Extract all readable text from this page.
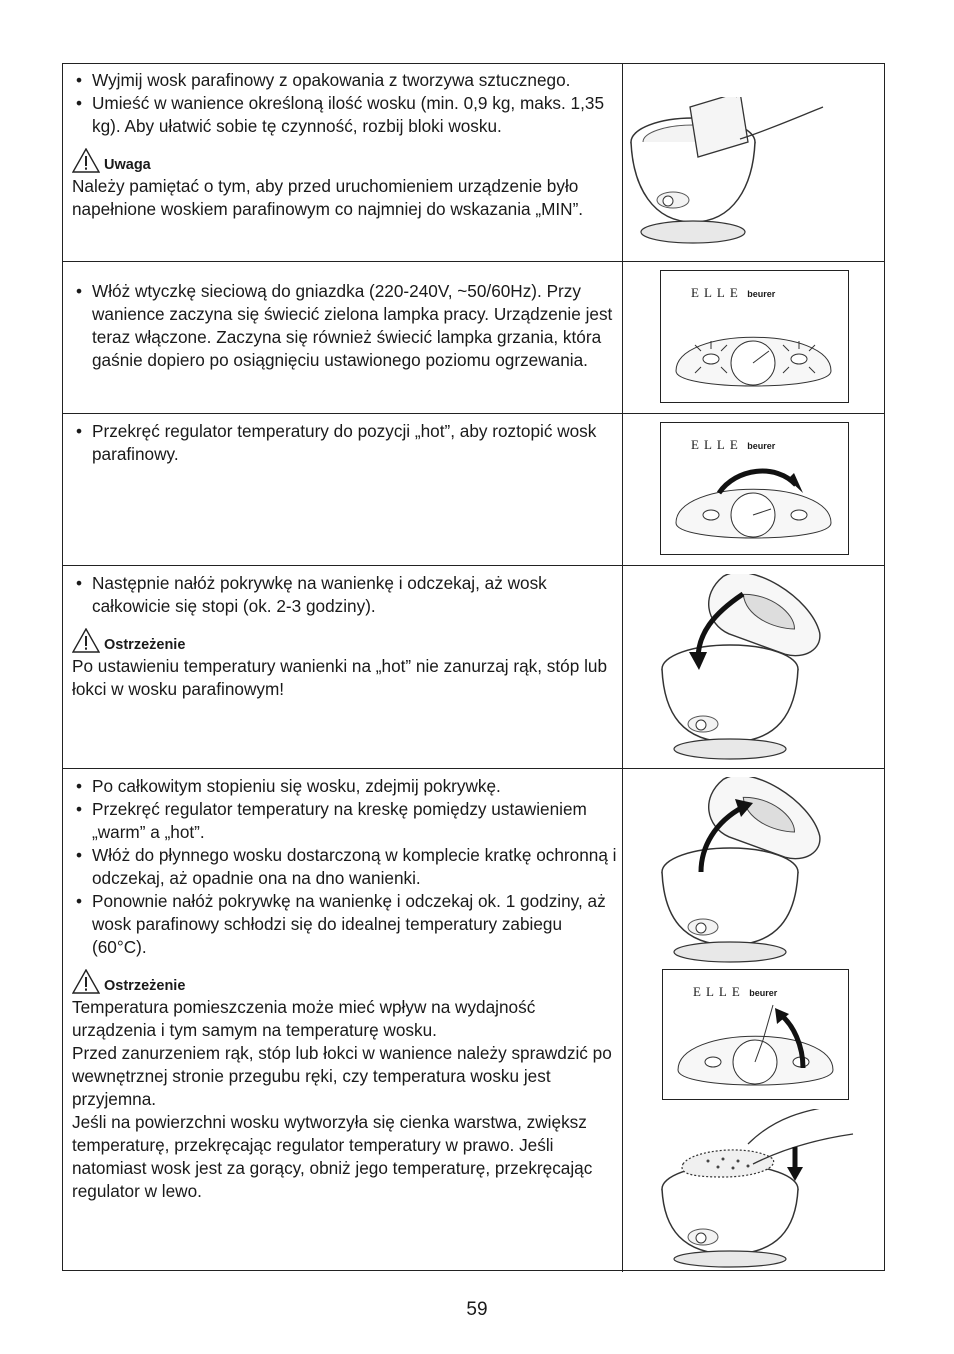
• Wyjmij wosk parafinowy z opakowania z tworzywa sztucznego.
• Umieść w wanience określoną ilość wosku (min. 0,9 kg, maks. 1,35 kg). Aby ułatwić sobie tę czynność, rozbij bloki wosku.
Uwaga
Należy pamiętać o tym, aby przed uruchomieniem urządzenie było napełnione woskiem parafinowym co najmniej do wskazania „MIN”.
• Włóż wtyczkę sieciową do gniazdka (220-240V, ~50/60Hz). Przy wanience zaczyna się świecić zielona lampka pracy. Urządzenie jest teraz włączone. Zaczyna się również świecić lampka grzania, która gaśnie dopiero po osiągnięciu ustawionego poziomu ogrzewania.
ELLE beurer
• Przekręć regulator temperatury do pozycji „hot”, aby roztopić wosk parafinowy.	ELLE beurer
• Następnie nałóż pokrywkę na wanienkę i odczekaj, aż wosk całkowicie się stopi (ok. 2-3 godziny).
Ostrzeżenie
Po ustawieniu temperatury wanienki na „hot” nie zanurzaj rąk, stóp lub łokci w wosku parafinowym!
• Po całkowitym stopieniu się wosku, zdejmij pokrywkę.
• Przekręć regulator temperatury na kreskę pomiędzy ustawieniem „warm” a „hot”.
• Włóż do płynnego wosku dostarczoną w komplecie kratkę ochronną i odczekaj, aż opadnie ona na dno wanienki.
• Ponownie nałóż pokrywkę na wanienkę i odczekaj ok. 1 godziny, aż wosk parafinowy schłodzi się do idealnej temperatury zabiegu (60°C).
Ostrzeżenie
Temperatura pomieszczenia może mieć wpływ na wydajność urządzenia i tym samym na temperaturę wosku.
Przed zanurzeniem rąk, stóp lub łokci w wanience należy sprawdzić po wewnętrznej stronie przegubu ręki, czy temperatura wosku jest przyjemna.
Jeśli na powierzchni wosku wytworzyła się cienka warstwa, zwiększ temperaturę, przekręcając regulator temperatury w prawo. Jeśli natomiast wosk jest za gorący, obniż jego temperaturę, przekręcając regulator w lewo.
ELLE beurer
59
